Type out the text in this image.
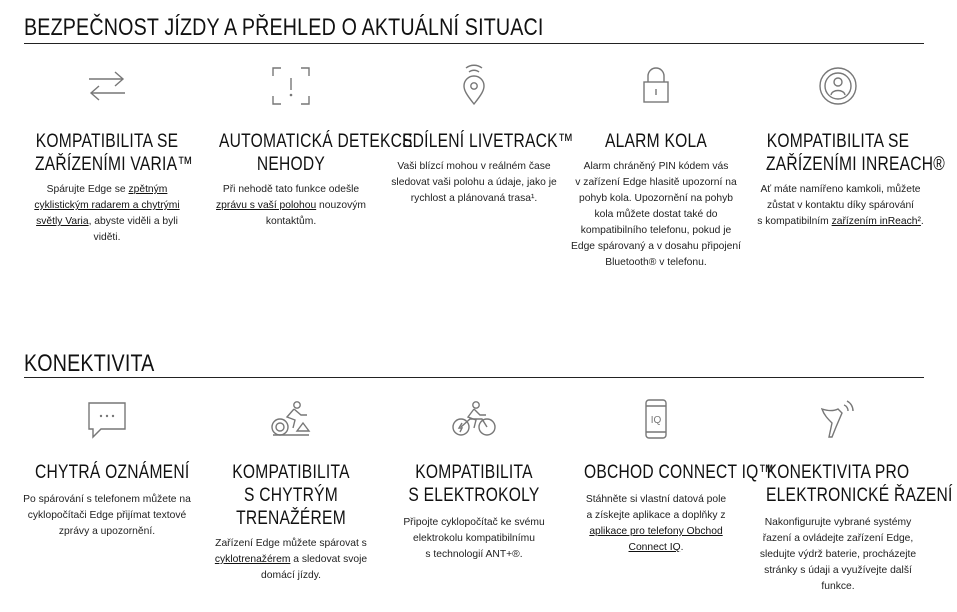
BEZPEČNOST JÍZDY A PŘEHLED O AKTUÁLNÍ SITUACI
KOMPATIBILITA SE
ZAŘÍZENÍMI VARIA™
Spárujte Edge se zpětným
cyklistickým radarem a chytrými
světly Varia, abyste viděli a byli
viděti.
AUTOMATICKÁ DETEKCE
NEHODY
Při nehodě tato funkce odešle
zprávu s vaší polohou nouzovým
kontaktům.
SDÍLENÍ LIVETRACK™
Vaši blízcí mohou v reálném čase
sledovat vaši polohu a údaje, jako je
rychlost a plánovaná trasa¹.
ALARM KOLA
Alarm chráněný PIN kódem vás
v zařízení Edge hlasitě upozorní na
pohyb kola. Upozornění na pohyb
kola můžete dostat také do
kompatibilního telefonu, pokud je
Edge spárovaný a v dosahu připojení
Bluetooth® v telefonu.
KOMPATIBILITA SE
ZAŘÍZENÍMI INREACH®
Ať máte namířeno kamkoli, můžete
zůstat v kontaktu díky spárování
s kompatibilním zařízením inReach².
KONEKTIVITA
CHYTRÁ OZNÁMENÍ
Po spárování s telefonem můžete na
cyklopočítači Edge přijímat textové
zprávy a upozornění.
KOMPATIBILITA
S CHYTRÝM
TRENAŽÉREM
Zařízení Edge můžete spárovat s
cyklotrenažérem a sledovat svoje
domácí jízdy.
KOMPATIBILITA
S ELEKTROKOLY
Připojte cyklopočítač ke svému
elektrokolu kompatibilnímu
s technologií ANT+®.
IQ
OBCHOD CONNECT IQ™
Stáhněte si vlastní datová pole
a získejte aplikace a doplňky z
aplikace pro telefony Obchod
Connect IQ.
KONEKTIVITA PRO
ELEKTRONICKÉ ŘAZENÍ
Nakonfigurujte vybrané systémy
řazení a ovládejte zařízení Edge,
sledujte výdrž baterie, procházejte
stránky s údaji a využívejte další
funkce.
